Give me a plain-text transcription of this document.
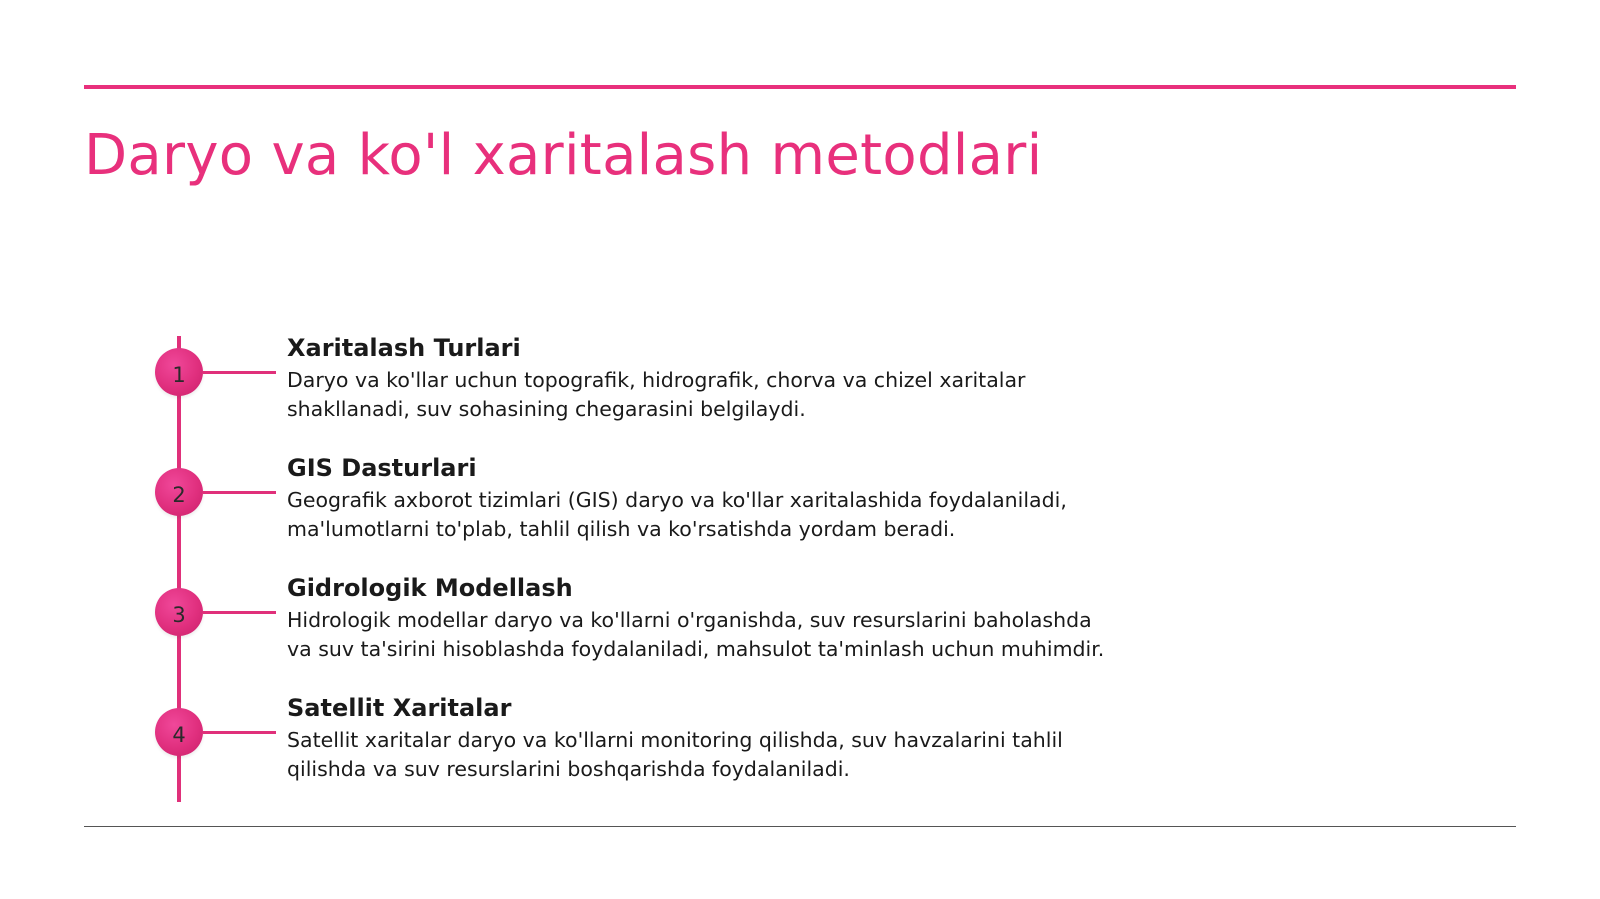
Daryo va ko'l xaritalash metodlari
1
Xaritalash Turlari

Daryo va ko'llar uchun topografik, hidrografik, chorva va chizel xaritalar shakllanadi, suv sohasining chegarasini belgilaydi.

2
GIS Dasturlari

Geografik axborot tizimlari (GIS) daryo va ko'llar xaritalashida foydalaniladi, ma'lumotlarni to'plab, tahlil qilish va ko'rsatishda yordam beradi.

3
Gidrologik Modellash

Hidrologik modellar daryo va ko'llarni o'rganishda, suv resurslarini baholashda va suv ta'sirini hisoblashda foydalaniladi, mahsulot ta'minlash uchun muhimdir.

4
Satellit Xaritalar

Satellit xaritalar daryo va ko'llarni monitoring qilishda, suv havzalarini tahlil qilishda va suv resurslarini boshqarishda foydalaniladi.
